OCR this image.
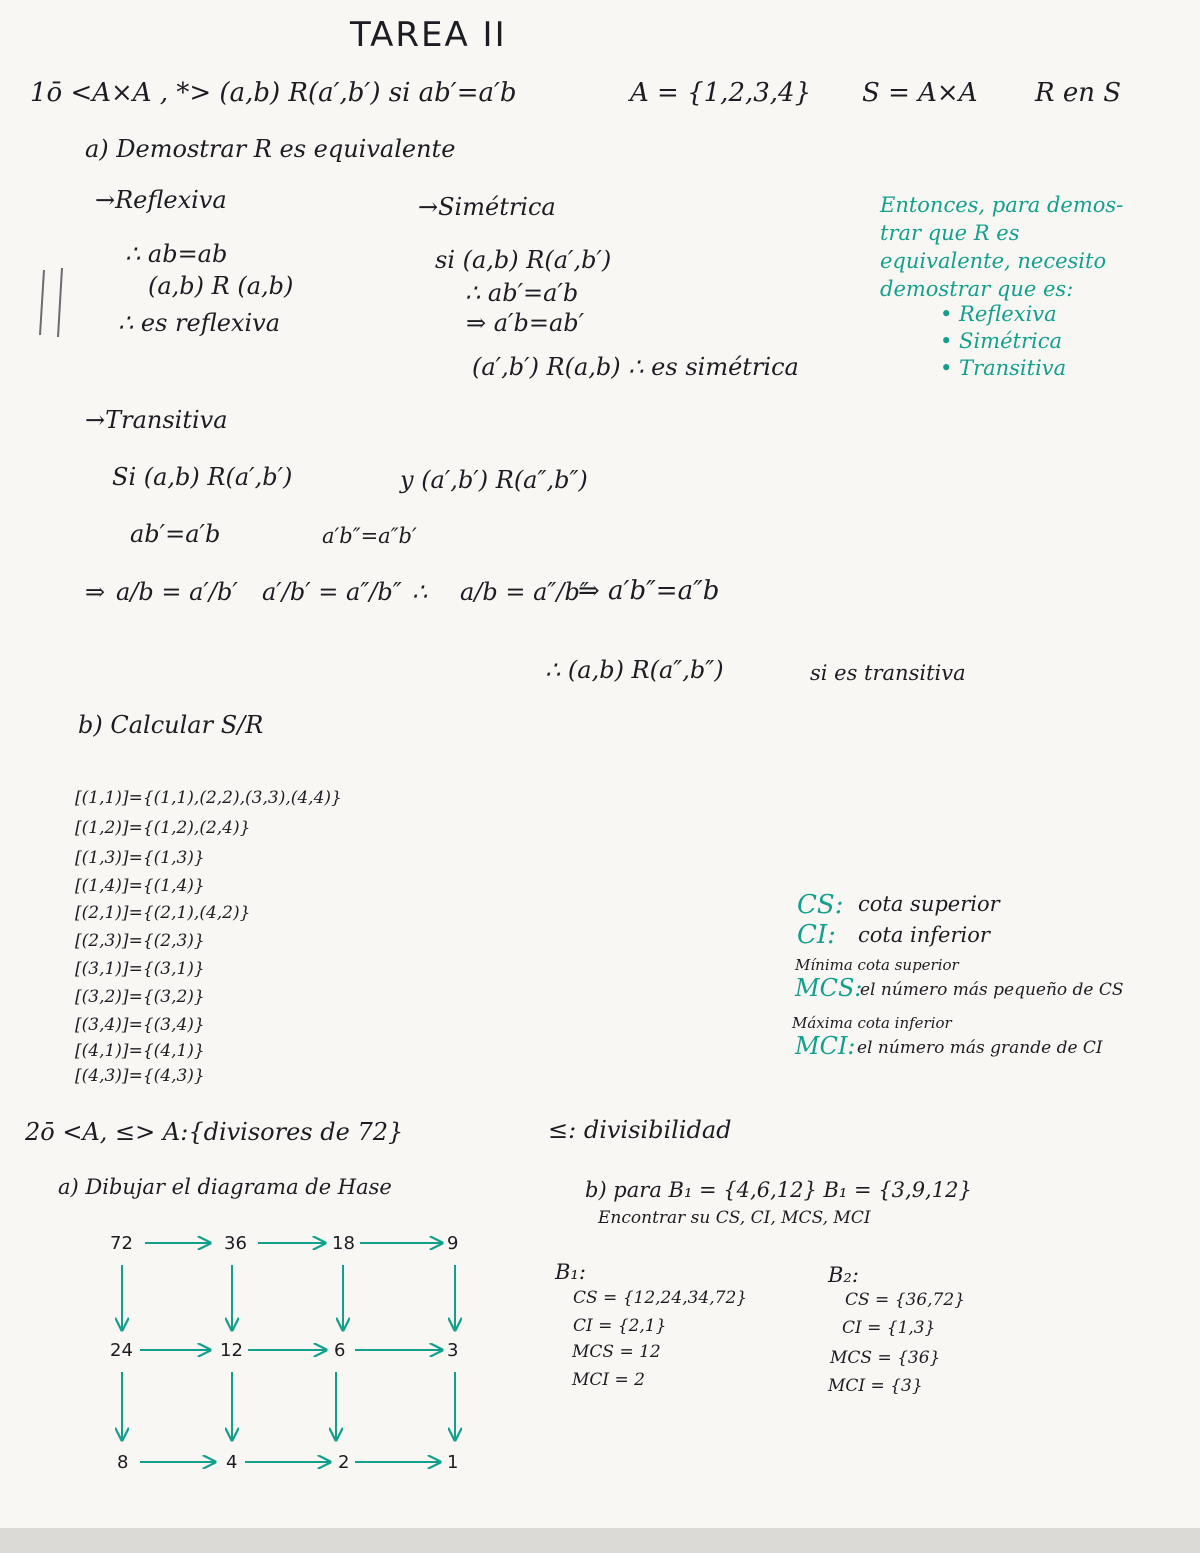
TAREA II
1ō <A×A , *> (a,b) R(a′,b′) si ab′=a′b	A = {1,2,3,4} S = A×A R en S
a) Demostrar R es equivalente
→Reflexiva
∴ ab=ab
(a,b) R (a,b)
∴ es reflexiva
→Simétrica
si (a,b) R(a′,b′)
∴ ab′=a′b
⇒ a′b=ab′
(a′,b′) R(a,b) ∴ es simétrica
Entonces, para demos-
trar que R es
equivalente, necesito
demostrar que es:
• Reflexiva
• Simétrica
• Transitiva
→Transitiva
Si (a,b) R(a′,b′)	y (a′,b′) R(a″,b″)
ab′=a′b	a′b″=a″b′
⇒ a/b = a′/b′ a′/b′ = a″/b″ ∴ a/b = a″/b″
⇒ a′b″=a″b
∴ (a,b) R(a″,b″)	si es transitiva
b) Calcular S/R
[(1,1)]={(1,1),(2,2),(3,3),(4,4)}
[(1,2)]={(1,2),(2,4)}
[(1,3)]={(1,3)}
[(1,4)]={(1,4)}
[(2,1)]={(2,1),(4,2)}
[(2,3)]={(2,3)}
[(3,1)]={(3,1)}
[(3,2)]={(3,2)}
[(3,4)]={(3,4)}
[(4,1)]={(4,1)}
[(4,3)]={(4,3)}
CS: cota superior
CI: cota inferior
Mínima cota superior
MCS:
el número más pequeño de CS
Máxima cota inferior
MCI: el número más grande de CI
2ō <A, ≤> A:{divisores de 72}	≤: divisibilidad
a) Dibujar el diagrama de Hase	b) para B₁ = {4,6,12} B₁ = {3,9,12}
Encontrar su CS, CI, MCS, MCI
B₁:
CS = {12,24,34,72}
CI = {2,1}
MCS = 12
MCI = 2
B₂:
CS = {36,72}
CI = {1,3}
MCS = {36}
MCI = {3}
72	36	18	9
24	12	6	3
8	4	2	1
